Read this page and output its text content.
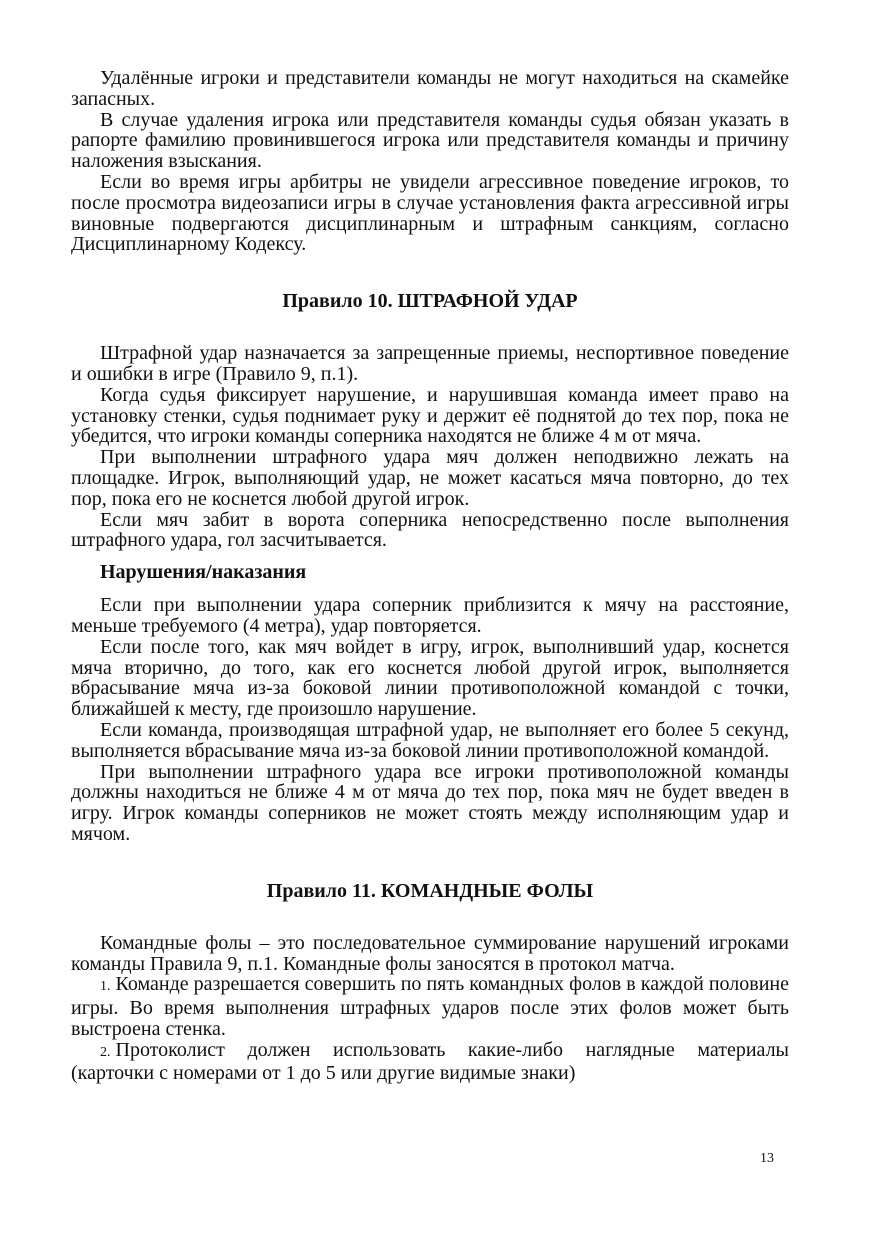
Удалённые игроки и представители команды не могут находиться на скамейке запасных.

В случае удаления игрока или представителя команды судья обязан указать в рапорте фамилию провинившегося игрока или представителя команды и причину наложения взыскания.

Если во время игры арбитры не увидели агрессивное поведение игроков, то после просмотра видеозаписи игры в случае установления факта агрессивной игры виновные подвергаются дисциплинарным и штрафным санкциям, согласно Дисциплинарному Кодексу.

Правило 10. ШТРАФНОЙ УДАР

Штрафной удар назначается за запрещенные приемы, неспортивное поведение и ошибки в игре (Правило 9, п.1).

Когда судья фиксирует нарушение, и нарушившая команда имеет право на установку стенки, судья поднимает руку и держит её поднятой до тех пор, пока не убедится, что игроки команды соперника находятся не ближе 4 м от мяча.

При выполнении штрафного удара мяч должен неподвижно лежать на площадке. Игрок, выполняющий удар, не может касаться мяча повторно, до тех пор, пока его не коснется любой другой игрок.

Если мяч забит в ворота соперника непосредственно после выполнения штрафного удара, гол засчитывается.

Нарушения/наказания

Если при выполнении удара соперник приблизится к мячу на расстояние, меньше требуемого (4 метра), удар повторяется.

Если после того, как мяч войдет в игру, игрок, выполнивший удар, коснется мяча вторично, до того, как его коснется любой другой игрок, выполняется вбрасывание мяча из-за боковой линии противоположной командой с точки, ближайшей к месту, где произошло нарушение.

Если команда, производящая штрафной удар, не выполняет его более 5 секунд, выполняется вбрасывание мяча из-за боковой линии противоположной командой.

При выполнении штрафного удара все игроки противоположной команды должны находиться не ближе 4 м от мяча до тех пор, пока мяч не будет введен в игру. Игрок команды соперников не может стоять между исполняющим удар и мячом.

Правило 11. КОМАНДНЫЕ ФОЛЫ

Командные фолы – это последовательное суммирование нарушений игроками команды Правила 9, п.1. Командные фолы заносятся в протокол матча.

1. Команде разрешается совершить по пять командных фолов в каждой половине игры. Во время выполнения штрафных ударов после этих фолов может быть выстроена стенка.

2. Протоколист должен использовать какие-либо наглядные материалы (карточки с номерами от 1 до 5 или другие видимые знаки)

13
